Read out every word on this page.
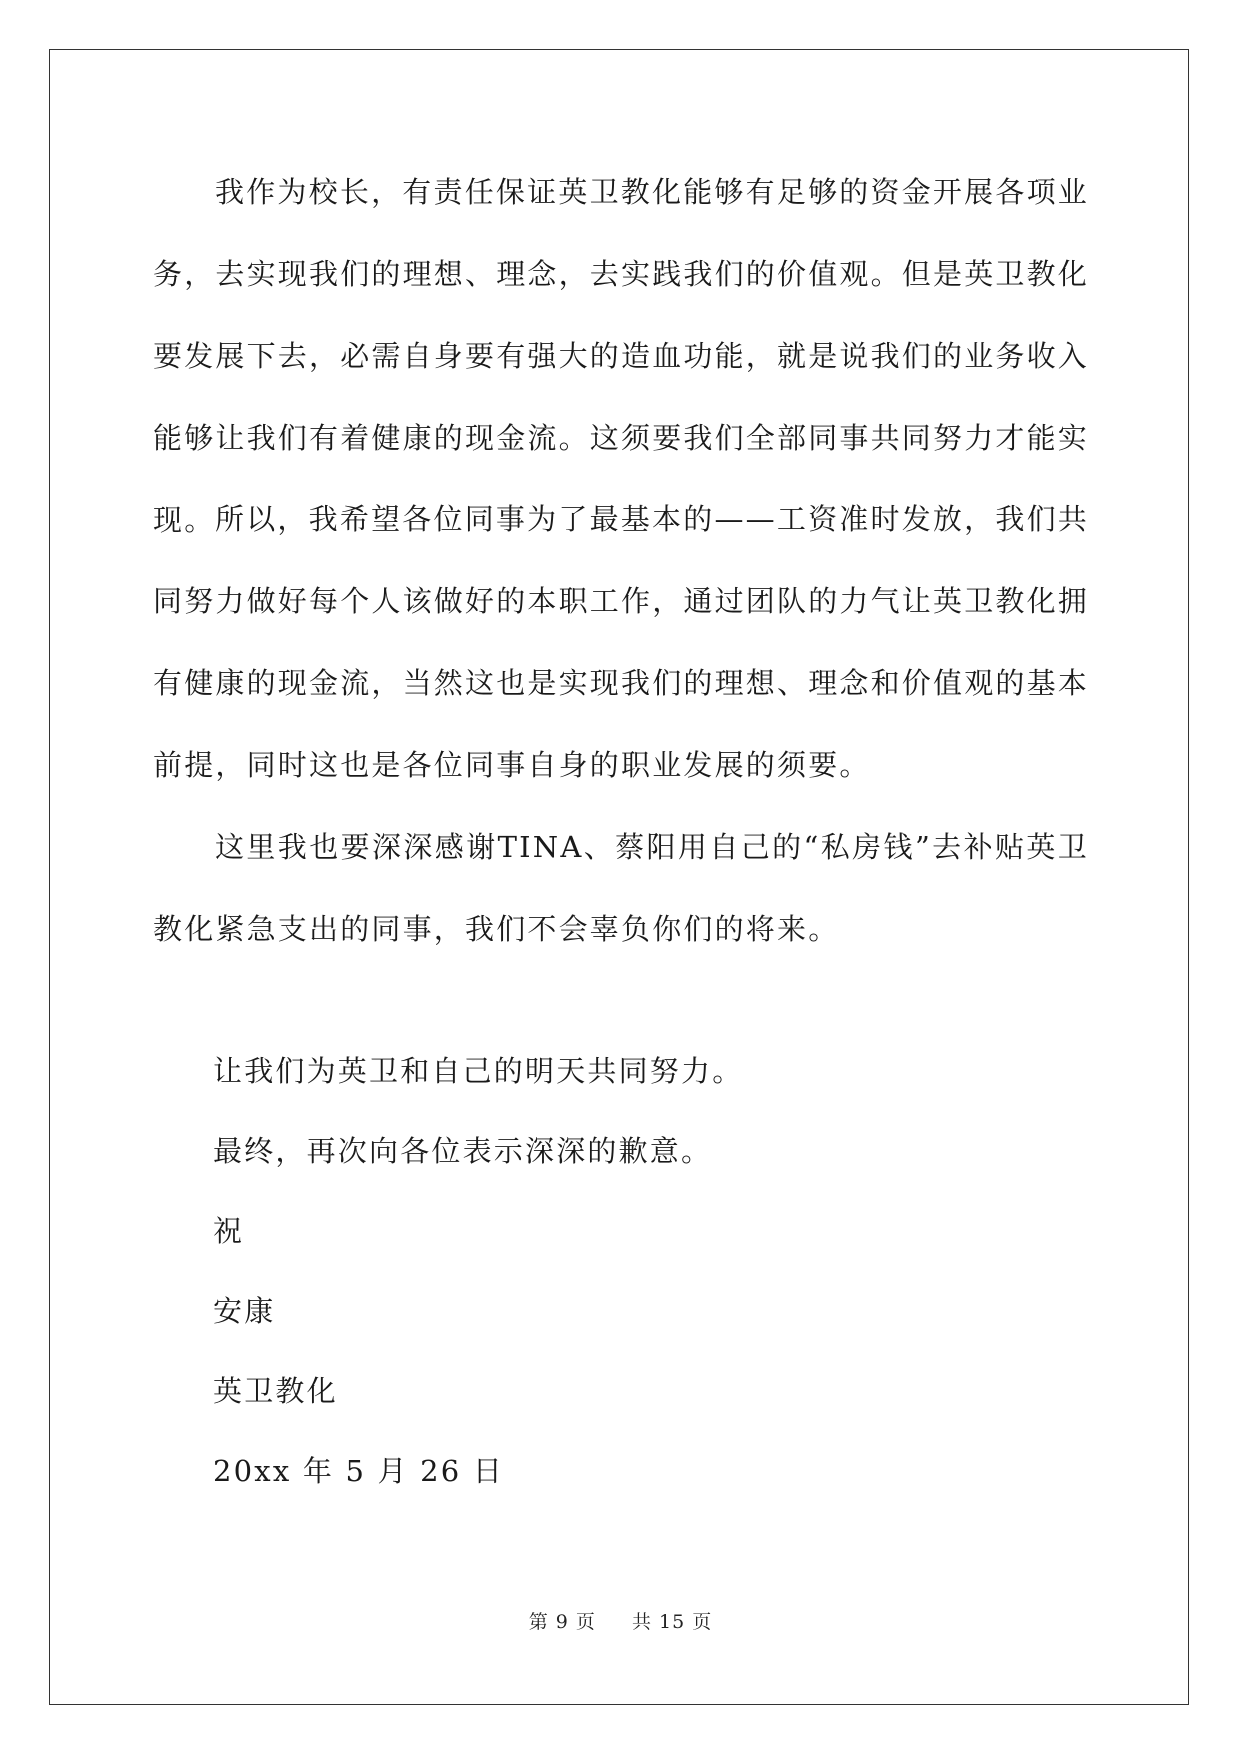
我作为校长，有责任保证英卫教化能够有足够的资金开展各项业务，去实现我们的理想、理念，去实践我们的价值观。但是英卫教化要发展下去，必需自身要有强大的造血功能，就是说我们的业务收入能够让我们有着健康的现金流。这须要我们全部同事共同努力才能实现。 所以，我希望各位同事为了最基本的——工资准时发放，我们共同努力做好每个人该做好的本职工作，通过团队的力气让英卫教化拥有健康的现金流，当然这也是实现我们的理想、理念和价值观的基本前提，同时这也是各位同事自身的职业发展的须要。

这里我也要深深感谢TINA、蔡阳用自己的“私房钱”去补贴英卫教化紧急支出的同事，我们不会辜负你们的将来。

让我们为英卫和自己的明天共同努力。
最终，再次向各位表示深深的歉意。
祝
安康
英卫教化
20xx 年 5 月 26 日
第 9 页 共 15 页
